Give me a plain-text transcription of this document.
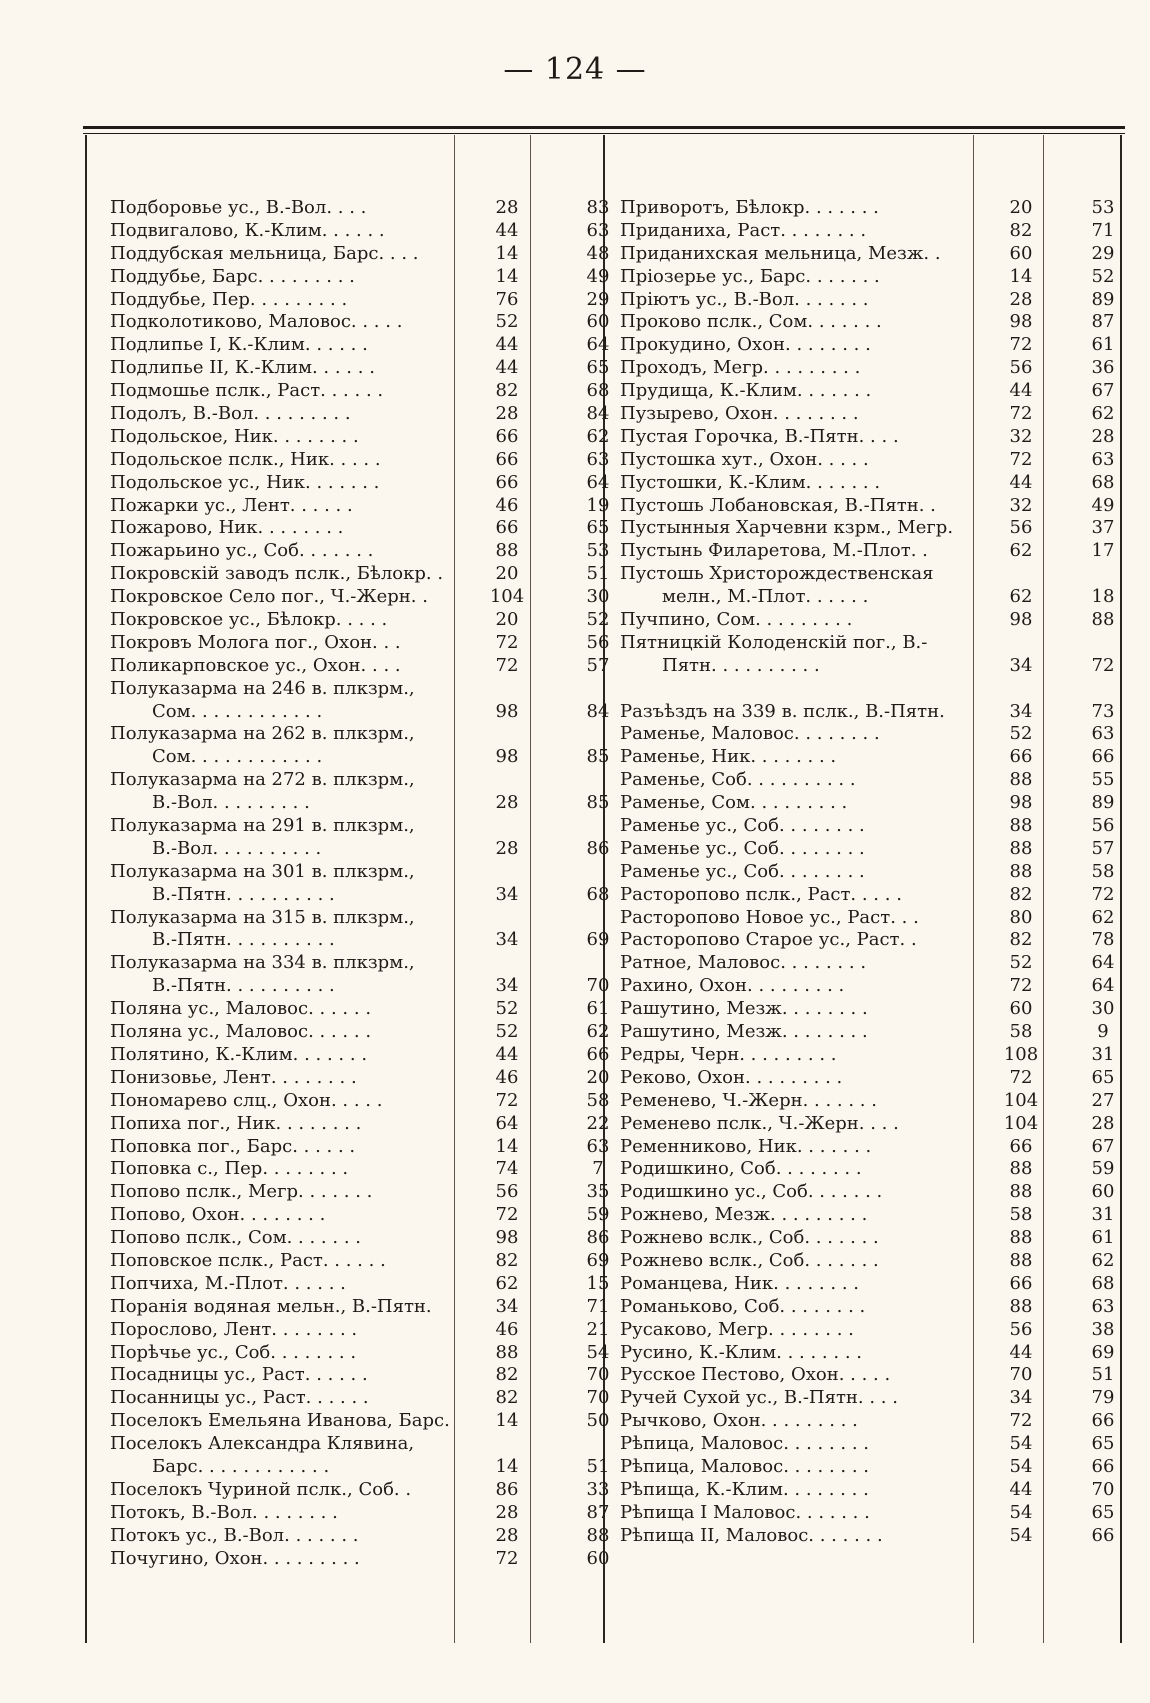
— 124 —
Подборовье ус., В.-Вол. . . .	28	83
Подвигалово, К.-Клим. . . . . .	44	63
Поддубская мельница, Барс. . . .	14	48
Поддубье, Барс. . . . . . . . .	14	49
Поддубье, Пер. . . . . . . . .	76	29
Подколотиково, Маловос. . . . .	52	60
Подлипье I, К.-Клим. . . . . .	44	64
Подлипье II, К.-Клим. . . . . .	44	65
Подмошье пслк., Раст. . . . . .	82	68
Подолъ, В.-Вол. . . . . . . . .	28	84
Подольское, Ник. . . . . . . .	66	62
Подольское пслк., Ник. . . . .	66	63
Подольское ус., Ник. . . . . . .	66	64
Пожарки ус., Лент. . . . . .	46	19
Пожарово, Ник. . . . . . . .	66	65
Пожарьино ус., Соб. . . . . . .	88	53
Покровскій заводъ пслк., Бѣлокр. .	20	51
Покровское Село пог., Ч.-Жерн. .	104	30
Покровское ус., Бѣлокр. . . . .	20	52
Покровъ Молога пог., Охон. . .	72	56
Поликарповское ус., Охон. . . .	72	57
Полуказарма на 246 в. плкзрм.,
Сом. . . . . . . . . . . .	98	84
Полуказарма на 262 в. плкзрм.,
Сом. . . . . . . . . . . .	98	85
Полуказарма на 272 в. плкзрм.,
В.-Вол. . . . . . . . .	28	85
Полуказарма на 291 в. плкзрм.,
В.-Вол. . . . . . . . . .	28	86
Полуказарма на 301 в. плкзрм.,
В.-Пятн. . . . . . . . . .	34	68
Полуказарма на 315 в. плкзрм.,
В.-Пятн. . . . . . . . . .	34	69
Полуказарма на 334 в. плкзрм.,
В.-Пятн. . . . . . . . . .	34	70
Поляна ус., Маловос. . . . . .	52	61
Поляна ус., Маловос. . . . . .	52	62
Полятино, К.-Клим. . . . . . .	44	66
Понизовье, Лент. . . . . . . .	46	20
Пономарево слц., Охон. . . . .	72	58
Попиха пог., Ник. . . . . . . .	64	22
Поповка пог., Барс. . . . . .	14	63
Поповка с., Пер. . . . . . . .	74	7
Попово пслк., Мегр. . . . . . .	56	35
Попово, Охон. . . . . . . .	72	59
Попово пслк., Сом. . . . . . .	98	86
Поповское пслк., Раст. . . . . .	82	69
Попчиха, М.-Плот. . . . . .	62	15
Поранія водяная мельн., В.-Пятн.	34	71
Порослово, Лент. . . . . . . .	46	21
Порѣчье ус., Соб. . . . . . . .	88	54
Посадницы ус., Раст. . . . . .	82	70
Посанницы ус., Раст. . . . . .	82	70
Поселокъ Емельяна Иванова, Барс.	14	50
Поселокъ Александра Клявина,
Барс. . . . . . . . . . . .	14	51
Поселокъ Чуриной пслк., Соб. .	86	33
Потокъ, В.-Вол. . . . . . . .	28	87
Потокъ ус., В.-Вол. . . . . . .	28	88
Почугино, Охон. . . . . . . . .	72	60
Приворотъ, Бѣлокр. . . . . . .	20	53
Приданиха, Раст. . . . . . . .	82	71
Приданихская мельница, Мезж. .	60	29
Пріозерье ус., Барс. . . . . . .	14	52
Пріютъ ус., В.-Вол. . . . . . .	28	89
Проково пслк., Сом. . . . . . .	98	87
Прокудино, Охон. . . . . . . .	72	61
Проходъ, Мегр. . . . . . . . .	56	36
Прудища, К.-Клим. . . . . . .	44	67
Пузырево, Охон. . . . . . . .	72	62
Пустая Горочка, В.-Пятн. . . .	32	28
Пустошка хут., Охон. . . . .	72	63
Пустошки, К.-Клим. . . . . . .	44	68
Пустошь Лобановская, В.-Пятн. .	32	49
Пустынныя Харчевни кзрм., Мегр.	56	37
Пустынь Филаретова, М.-Плот. .	62	17
Пустошь Христорождественская
мелн., М.-Плот. . . . . .	62	18
Пучпино, Сом. . . . . . . . .	98	88
Пятницкій Колоденскій пог., В.-
Пятн. . . . . . . . . .	34	72
Разъѣздъ на 339 в. пслк., В.-Пятн.	34	73
Раменье, Маловос. . . . . . . .	52	63
Раменье, Ник. . . . . . . .	66	66
Раменье, Соб. . . . . . . . . .	88	55
Раменье, Сом. . . . . . . . .	98	89
Раменье ус., Соб. . . . . . . .	88	56
Раменье ус., Соб. . . . . . . .	88	57
Раменье ус., Соб. . . . . . . .	88	58
Расторопово пслк., Раст. . . . .	82	72
Расторопово Новое ус., Раст. . .	80	62
Расторопово Старое ус., Раст. .	82	78
Ратное, Маловос. . . . . . . .	52	64
Рахино, Охон. . . . . . . . .	72	64
Рашутино, Мезж. . . . . . . .	60	30
Рашутино, Мезж. . . . . . . .	58	9
Редры, Черн. . . . . . . . .	108	31
Рековo, Охон. . . . . . . . .	72	65
Ременево, Ч.-Жерн. . . . . . .	104	27
Ременево пслк., Ч.-Жерн. . . .	104	28
Ременниково, Ник. . . . . . .	66	67
Родишкино, Соб. . . . . . . .	88	59
Родишкино ус., Соб. . . . . . .	88	60
Рожнево, Мезж. . . . . . . . .	58	31
Рожнево вслк., Соб. . . . . . .	88	61
Рожнево вслк., Соб. . . . . . .	88	62
Романцева, Ник. . . . . . . .	66	68
Романьково, Соб. . . . . . . .	88	63
Русаково, Мегр. . . . . . . .	56	38
Русино, К.-Клим. . . . . . . .	44	69
Русское Пестово, Охон. . . . .	70	51
Ручей Сухой ус., В.-Пятн. . . .	34	79
Рычково, Охон. . . . . . . . .	72	66
Рѣпица, Маловос. . . . . . . .	54	65
Рѣпица, Маловос. . . . . . . .	54	66
Рѣпища, К.-Клим. . . . . . . .	44	70
Рѣпища I Маловос. . . . . . .	54	65
Рѣпища II, Маловос. . . . . . .	54	66
